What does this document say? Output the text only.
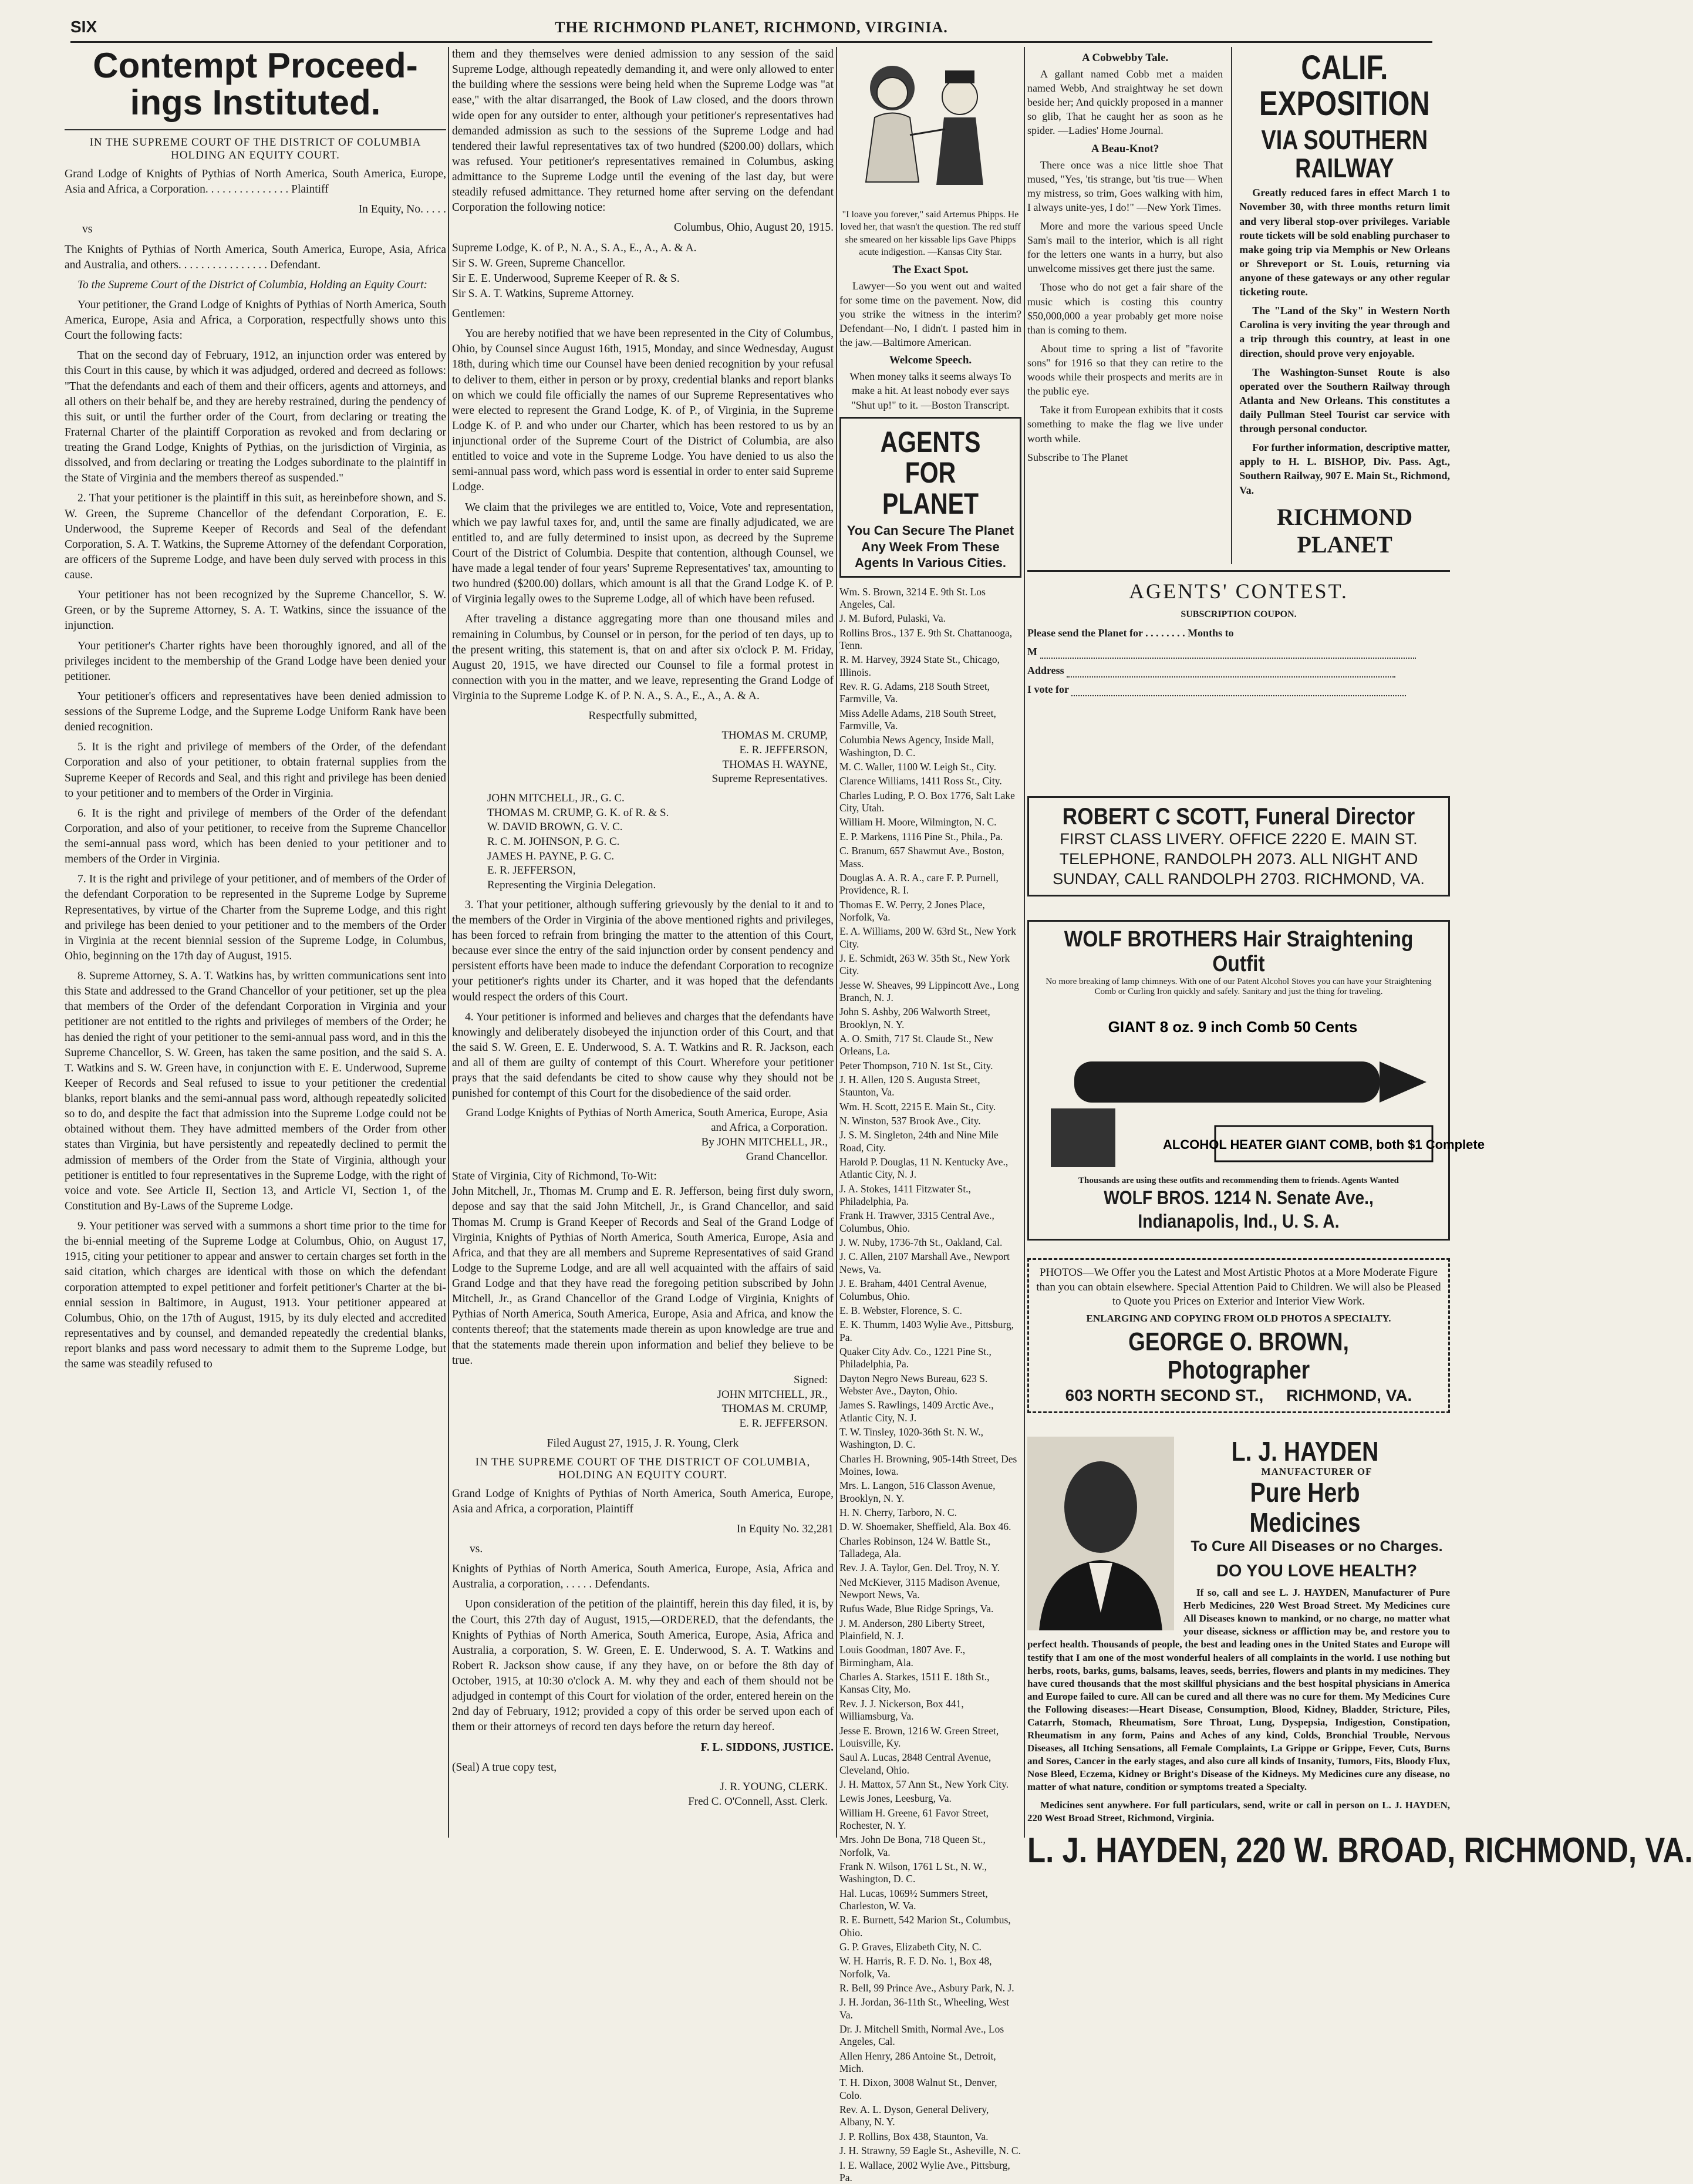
SIX	THE RICHMOND PLANET, RICHMOND, VIRGINIA.
Contempt Proceed-ings Instituted.
IN THE SUPREME COURT OF THE DISTRICT OF COLUMBIA HOLDING AN EQUITY COURT.

Grand Lodge of Knights of Pythias of North America, South America, Europe, Asia and Africa, a Corporation. . . . . . . . . . . . . . . Plaintiff

In Equity, No. . . . .

vs

The Knights of Pythias of North America, South America, Europe, Asia, Africa and Australia, and others. . . . . . . . . . . . . . . . Defendant.

To the Supreme Court of the District of Columbia, Holding an Equity Court:

Your petitioner, the Grand Lodge of Knights of Pythias of North America, South America, Europe, Asia and Africa, a Corporation, respectfully shows unto this Court the following facts:

That on the second day of February, 1912, an injunction order was entered by this Court in this cause, by which it was adjudged, ordered and decreed as follows: "That the defendants and each of them and their officers, agents and attorneys, and all others on their behalf be, and they are hereby restrained, during the pendency of this suit, or until the further order of the Court, from declaring or treating the Fraternal Charter of the plaintiff Corporation as revoked and from declaring or treating the Grand Lodge, Knights of Pythias, on the jurisdiction of Virginia, as dissolved, and from declaring or treating the Lodges subordinate to the plaintiff in the State of Virginia and the members thereof as suspended."

2. That your petitioner is the plaintiff in this suit, as hereinbefore shown, and S. W. Green, the Supreme Chancellor of the defendant Corporation, E. E. Underwood, the Supreme Keeper of Records and Seal of the defendant Corporation, S. A. T. Watkins, the Supreme Attorney of the defendant Corporation, are officers of the Supreme Lodge, and have been duly served with process in this cause.

Your petitioner has not been recognized by the Supreme Chancellor, S. W. Green, or by the Supreme Attorney, S. A. T. Watkins, since the issuance of the injunction.

Your petitioner's Charter rights have been thoroughly ignored, and all of the privileges incident to the membership of the Grand Lodge have been denied your petitioner.

Your petitioner's officers and representatives have been denied admission to sessions of the Supreme Lodge, and the Supreme Lodge Uniform Rank have been denied recognition.

5. It is the right and privilege of members of the Order, of the defendant Corporation and also of your petitioner, to obtain fraternal supplies from the Supreme Keeper of Records and Seal, and this right and privilege has been denied to your petitioner and to members of the Order in Virginia.

6. It is the right and privilege of members of the Order of the defendant Corporation, and also of your petitioner, to receive from the Supreme Chancellor the semi-annual pass word, which has been denied to your petitioner and to members of the Order in Virginia.

7. It is the right and privilege of your petitioner, and of members of the Order of the defendant Corporation to be represented in the Supreme Lodge by Supreme Representatives, by virtue of the Charter from the Supreme Lodge, and this right and privilege has been denied to your petitioner and to the members of the Order in Virginia at the recent biennial session of the Supreme Lodge, in Columbus, Ohio, beginning on the 17th day of August, 1915.

8. Supreme Attorney, S. A. T. Watkins has, by written communications sent into this State and addressed to the Grand Chancellor of your petitioner, set up the plea that members of the Order of the defendant Corporation in Virginia and your petitioner are not entitled to the rights and privileges of members of the Order; he has denied the right of your petitioner to the semi-annual pass word, and in this the Supreme Chancellor, S. W. Green, has taken the same position, and the said S. A. T. Watkins and S. W. Green have, in conjunction with E. E. Underwood, Supreme Keeper of Records and Seal refused to issue to your petitioner the credential blanks, report blanks and the semi-annual pass word, although repeatedly solicited so to do, and despite the fact that admission into the Supreme Lodge could not be obtained without them. They have admitted members of the Order from other states than Virginia, but have persistently and repeatedly declined to permit the admission of members of the Order from the State of Virginia, although your petitioner is entitled to four representatives in the Supreme Lodge, with the right of voice and vote. See Article II, Section 13, and Article VI, Section 1, of the Constitution and By-Laws of the Supreme Lodge.

9. Your petitioner was served with a summons a short time prior to the time for the bi-ennial meeting of the Supreme Lodge at Columbus, Ohio, on August 17, 1915, citing your petitioner to appear and answer to certain charges set forth in the said citation, which charges are identical with those on which the defendant corporation attempted to expel petitioner and forfeit petitioner's Charter at the bi-ennial session in Baltimore, in August, 1913. Your petitioner appeared at Columbus, Ohio, on the 17th of August, 1915, by its duly elected and accredited representatives and by counsel, and demanded repeatedly the credential blanks, report blanks and pass word necessary to admit them to the Supreme Lodge, but the same was steadily refused to

them and they themselves were denied admission to any session of the said Supreme Lodge, although repeatedly demanding it, and were only allowed to enter the building where the sessions were being held when the Supreme Lodge was "at ease," with the altar disarranged, the Book of Law closed, and the doors thrown wide open for any outsider to enter, although your petitioner's representatives had demanded admission as such to the sessions of the Supreme Lodge and had tendered their lawful representatives tax of two hundred ($200.00) dollars, which was refused. Your petitioner's representatives remained in Columbus, asking admittance to the Supreme Lodge until the evening of the last day, but were steadily refused admittance. They returned home after serving on the defendant Corporation the following notice:

Columbus, Ohio, August 20, 1915.

Supreme Lodge, K. of P., N. A., S. A., E., A., A. & A.
Sir S. W. Green, Supreme Chancellor.
Sir E. E. Underwood, Supreme Keeper of R. & S.
Sir S. A. T. Watkins, Supreme Attorney.

Gentlemen:

You are hereby notified that we have been represented in the City of Columbus, Ohio, by Counsel since August 16th, 1915, Monday, and since Wednesday, August 18th, during which time our Counsel have been denied recognition by your refusal to deliver to them, either in person or by proxy, credential blanks and report blanks on which we could file officially the names of our Supreme Representatives who were elected to represent the Grand Lodge, K. of P., of Virginia, in the Supreme Lodge K. of P. and who under our Charter, which has been restored to us by an injunctional order of the Supreme Court of the District of Columbia, are also entitled to voice and vote in the Supreme Lodge. You have denied to us also the semi-annual pass word, which pass word is essential in order to enter said Supreme Lodge.

We claim that the privileges we are entitled to, Voice, Vote and representation, which we pay lawful taxes for, and, until the same are finally adjudicated, we are entitled to, and are fully determined to insist upon, as decreed by the Supreme Court of the District of Columbia. Despite that contention, although Counsel, we have made a legal tender of four years' Supreme Representatives' tax, amounting to two hundred ($200.00) dollars, which amount is all that the Grand Lodge K. of P. of Virginia legally owes to the Supreme Lodge, all of which have been refused.

After traveling a distance aggregating more than one thousand miles and remaining in Columbus, by Counsel or in person, for the period of ten days, up to the present writing, this statement is, that on and after six o'clock P. M. Friday, August 20, 1915, we have directed our Counsel to file a formal protest in connection with you in the matter, and we leave, representing the Grand Lodge of Virginia to the Supreme Lodge K. of P. N. A., S. A., E., A., A. & A.

Respectfully submitted,

THOMAS M. CRUMP,
E. R. JEFFERSON,
THOMAS H. WAYNE,
Supreme Representatives.
JOHN MITCHELL, JR., G. C.
THOMAS M. CRUMP, G. K. of R. & S.
W. DAVID BROWN, G. V. C.
R. C. M. JOHNSON, P. G. C.
JAMES H. PAYNE, P. G. C.
E. R. JEFFERSON,
Representing the Virginia Delegation.

3. That your petitioner, although suffering grievously by the denial to it and to the members of the Order in Virginia of the above mentioned rights and privileges, has been forced to refrain from bringing the matter to the attention of this Court, because ever since the entry of the said injunction order by consent pendency and persistent efforts have been made to induce the defendant Corporation to recognize your petitioner's rights under its Charter, and it was hoped that the defendants would respect the orders of this Court.

4. Your petitioner is informed and believes and charges that the defendants have knowingly and deliberately disobeyed the injunction order of this Court, and that the said S. W. Green, E. E. Underwood, S. A. T. Watkins and R. R. Jackson, each and all of them are guilty of contempt of this Court. Wherefore your petitioner prays that the said defendants be cited to show cause why they should not be punished for contempt of this Court for the disobedience of the said order.

Grand Lodge Knights of Pythias of North America, South America, Europe, Asia and Africa, a Corporation.
By JOHN MITCHELL, JR.,
Grand Chancellor.

State of Virginia, City of Richmond, To-Wit:
John Mitchell, Jr., Thomas M. Crump and E. R. Jefferson, being first duly sworn, depose and say that the said John Mitchell, Jr., is Grand Chancellor, and said Thomas M. Crump is Grand Keeper of Records and Seal of the Grand Lodge of Virginia, Knights of Pythias of North America, South America, Europe, Asia and Africa, and that they are all members and Supreme Representatives of said Grand Lodge to the Supreme Lodge, and are all well acquainted with the affairs of said Grand Lodge and that they have read the foregoing petition subscribed by John Mitchell, Jr., as Grand Chancellor of the Grand Lodge of Virginia, Knights of Pythias of North America, South America, Europe, Asia and Africa, and know the contents thereof; that the statements made therein as upon knowledge are true and that the statements made therein upon information and belief they believe to be true.

Signed:
JOHN MITCHELL, JR.,
THOMAS M. CRUMP,
E. R. JEFFERSON.

Filed August 27, 1915, J. R. Young, Clerk

IN THE SUPREME COURT OF THE DISTRICT OF COLUMBIA, HOLDING AN EQUITY COURT.

Grand Lodge of Knights of Pythias of North America, South America, Europe, Asia and Africa, a corporation, Plaintiff

In Equity No. 32,281

vs.

Knights of Pythias of North America, South America, Europe, Asia, Africa and Australia, a corporation, . . . . . Defendants.

Upon consideration of the petition of the plaintiff, herein this day filed, it is, by the Court, this 27th day of August, 1915,—ORDERED, that the defendants, the Knights of Pythias of North America, South America, Europe, Asia, Africa and Australia, a corporation, S. W. Green, E. E. Underwood, S. A. T. Watkins and Robert R. Jackson show cause, if any they have, on or before the 8th day of October, 1915, at 10:30 o'clock A. M. why they and each of them should not be adjudged in contempt of this Court for violation of the order, entered herein on the 2nd day of February, 1912; provided a copy of this order be served upon each of them or their attorneys of record ten days before the return day hereof.

F. L. SIDDONS, JUSTICE.

(Seal) A true copy test,

J. R. YOUNG, CLERK.
Fred C. O'Connell, Asst. Clerk.

"I loave you forever," said Artemus Phipps. He loved her, that wasn't the question. The red stuff she smeared on her kissable lips Gave Phipps acute indigestion. —Kansas City Star.

The Exact Spot.

Lawyer—So you went out and waited for some time on the pavement. Now, did you strike the witness in the interim? Defendant—No, I didn't. I pasted him in the jaw.—Baltimore American.

Welcome Speech.

When money talks it seems always To make a hit. At least nobody ever says "Shut up!" to it. —Boston Transcript.

AGENTS FOR PLANET
You Can Secure The Planet Any Week From These Agents In Various Cities.
Wm. S. Brown, 3214 E. 9th St. Los Angeles, Cal.
J. M. Buford, Pulaski, Va.
Rollins Bros., 137 E. 9th St. Chattanooga, Tenn.
R. M. Harvey, 3924 State St., Chicago, Illinois.
Rev. R. G. Adams, 218 South Street, Farmville, Va.
Miss Adelle Adams, 218 South Street, Farmville, Va.
Columbia News Agency, Inside Mall, Washington, D. C.
M. C. Waller, 1100 W. Leigh St., City.
Clarence Williams, 1411 Ross St., City.
Charles Luding, P. O. Box 1776, Salt Lake City, Utah.
William H. Moore, Wilmington, N. C.
E. P. Markens, 1116 Pine St., Phila., Pa.
C. Branum, 657 Shawmut Ave., Boston, Mass.
Douglas A. A. R. A., care F. P. Purnell, Providence, R. I.
Thomas E. W. Perry, 2 Jones Place, Norfolk, Va.
E. A. Williams, 200 W. 63rd St., New York City.
J. E. Schmidt, 263 W. 35th St., New York City.
Jesse W. Sheaves, 99 Lippincott Ave., Long Branch, N. J.
John S. Ashby, 206 Walworth Street, Brooklyn, N. Y.
A. O. Smith, 717 St. Claude St., New Orleans, La.
Peter Thompson, 710 N. 1st St., City.
J. H. Allen, 120 S. Augusta Street, Staunton, Va.
Wm. H. Scott, 2215 E. Main St., City.
N. Winston, 537 Brook Ave., City.
J. S. M. Singleton, 24th and Nine Mile Road, City.
Harold P. Douglas, 11 N. Kentucky Ave., Atlantic City, N. J.
J. A. Stokes, 1411 Fitzwater St., Philadelphia, Pa.
Frank H. Trawver, 3315 Central Ave., Columbus, Ohio.
J. W. Nuby, 1736-7th St., Oakland, Cal.
J. C. Allen, 2107 Marshall Ave., Newport News, Va.
J. E. Braham, 4401 Central Avenue, Columbus, Ohio.
E. B. Webster, Florence, S. C.
E. K. Thumm, 1403 Wylie Ave., Pittsburg, Pa.
Quaker City Adv. Co., 1221 Pine St., Philadelphia, Pa.
Dayton Negro News Bureau, 623 S. Webster Ave., Dayton, Ohio.
James S. Rawlings, 1409 Arctic Ave., Atlantic City, N. J.
T. W. Tinsley, 1020-36th St. N. W., Washington, D. C.
Charles H. Browning, 905-14th Street, Des Moines, Iowa.
Mrs. L. Langon, 516 Classon Avenue, Brooklyn, N. Y.
H. N. Cherry, Tarboro, N. C.
D. W. Shoemaker, Sheffield, Ala. Box 46.
Charles Robinson, 124 W. Battle St., Talladega, Ala.
Rev. J. A. Taylor, Gen. Del. Troy, N. Y.
Ned McKiever, 3115 Madison Avenue, Newport News, Va.
Rufus Wade, Blue Ridge Springs, Va.
J. M. Anderson, 280 Liberty Street, Plainfield, N. J.
Louis Goodman, 1807 Ave. F., Birmingham, Ala.
Charles A. Starkes, 1511 E. 18th St., Kansas City, Mo.
Rev. J. J. Nickerson, Box 441, Williamsburg, Va.
Jesse E. Brown, 1216 W. Green Street, Louisville, Ky.
Saul A. Lucas, 2848 Central Avenue, Cleveland, Ohio.
J. H. Mattox, 57 Ann St., New York City.
Lewis Jones, Leesburg, Va.
William H. Greene, 61 Favor Street, Rochester, N. Y.
Mrs. John De Bona, 718 Queen St., Norfolk, Va.
Frank N. Wilson, 1761 L St., N. W., Washington, D. C.
Hal. Lucas, 1069½ Summers Street, Charleston, W. Va.
R. E. Burnett, 542 Marion St., Columbus, Ohio.
G. P. Graves, Elizabeth City, N. C.
W. H. Harris, R. F. D. No. 1, Box 48, Norfolk, Va.
R. Bell, 99 Prince Ave., Asbury Park, N. J.
J. H. Jordan, 36-11th St., Wheeling, West Va.
Dr. J. Mitchell Smith, Normal Ave., Los Angeles, Cal.
Allen Henry, 286 Antoine St., Detroit, Mich.
T. H. Dixon, 3008 Walnut St., Denver, Colo.
Rev. A. L. Dyson, General Delivery, Albany, N. Y.
J. P. Rollins, Box 438, Staunton, Va.
J. H. Strawny, 59 Eagle St., Asheville, N. C.
I. E. Wallace, 2002 Wylie Ave., Pittsburg, Pa.
A Cobwebby Tale.

A gallant named Cobb met a maiden named Webb, And straightway he set down beside her; And quickly proposed in a manner so glib, That he caught her as soon as he spider. —Ladies' Home Journal.

A Beau-Knot?

There once was a nice little shoe That mused, "Yes, 'tis strange, but 'tis true— When my mistress, so trim, Goes walking with him, I always unite-yes, I do!" —New York Times.

More and more the various speed Uncle Sam's mail to the interior, which is all right for the letters one wants in a hurry, but also unwelcome missives get there just the same.

Those who do not get a fair share of the music which is costing this country $50,000,000 a year probably get more noise than is coming to them.

About time to spring a list of "favorite sons" for 1916 so that they can retire to the woods while their prospects and merits are in the public eye.

Take it from European exhibits that it costs something to make the flag we live under worth while.

Subscribe to The Planet

CALIF. EXPOSITION
VIA SOUTHERN RAILWAY

Greatly reduced fares in effect March 1 to November 30, with three months return limit and very liberal stop-over privileges. Variable route tickets will be sold enabling purchaser to make going trip via Memphis or New Orleans or Shreveport or St. Louis, returning via anyone of these gateways or any other regular ticketing route.

The "Land of the Sky" in Western North Carolina is very inviting the year through and a trip through this country, at least in one direction, should prove very enjoyable.

The Washington-Sunset Route is also operated over the Southern Railway through Atlanta and New Orleans. This constitutes a daily Pullman Steel Tourist car service with through personal conductor.

For further information, descriptive matter, apply to H. L. BISHOP, Div. Pass. Agt., Southern Railway, 907 E. Main St., Richmond, Va.

RICHMOND PLANET
AGENTS' CONTEST.
SUBSCRIPTION COUPON.

Please send the Planet for . . . . . . . . Months to

M

Address

I vote for

ROBERT C SCOTT, Funeral Director
FIRST CLASS LIVERY. OFFICE 2220 E. MAIN ST. TELEPHONE, RANDOLPH 2073. ALL NIGHT AND SUNDAY, CALL RANDOLPH 2703. RICHMOND, VA.
WOLF BROTHERS Hair Straightening Outfit
No more breaking of lamp chimneys. With one of our Patent Alcohol Stoves you can have your Straightening Comb or Curling Iron quickly and safely. Sanitary and just the thing for traveling.
GIANT 8 oz. 9 inch Comb 50 Cents
ALCOHOL HEATER GIANT COMB, both $1 Complete
Thousands are using these outfits and recommending them to friends. Agents Wanted
WOLF BROS. 1214 N. Senate Ave., Indianapolis, Ind., U. S. A.
PHOTOS—We Offer you the Latest and Most Artistic Photos at a More Moderate Figure than you can obtain elsewhere. Special Attention Paid to Children. We will also be Pleased to Quote you Prices on Exterior and Interior View Work.
ENLARGING AND COPYING FROM OLD PHOTOS A SPECIALTY.
GEORGE O. BROWN, Photographer
603 NORTH SECOND ST.,     RICHMOND, VA.
L. J. HAYDEN
MANUFACTURER OF
Pure Herb Medicines
To Cure All Diseases or no Charges.
DO YOU LOVE HEALTH?

If so, call and see L. J. HAYDEN, Manufacturer of Pure Herb Medicines, 220 West Broad Street. My Medicines cure All Diseases known to mankind, or no charge, no matter what your disease, sickness or affliction may be, and restore you to perfect health. Thousands of people, the best and leading ones in the United States and Europe will testify that I am one of the most wonderful healers of all complaints in the world. I use nothing but herbs, roots, barks, gums, balsams, leaves, seeds, berries, flowers and plants in my medicines. They have cured thousands that the most skillful physicians and the best hospital physicians in America and Europe failed to cure. All can be cured and all there was no cure for them. My Medicines Cure the Following diseases:—Heart Disease, Consumption, Blood, Kidney, Bladder, Stricture, Piles, Catarrh, Stomach, Rheumatism, Sore Throat, Lung, Dyspepsia, Indigestion, Constipation, Rheumatism in any form, Pains and Aches of any kind, Colds, Bronchial Trouble, Nervous Diseases, all Itching Sensations, all Female Complaints, La Grippe or Grippe, Fever, Cuts, Burns and Sores, Cancer in the early stages, and also cure all kinds of Insanity, Tumors, Fits, Bloody Flux, Nose Bleed, Eczema, Kidney or Bright's Disease of the Kidneys. My Medicines cure any disease, no matter of what nature, condition or symptoms treated a Specialty.

Medicines sent anywhere. For full particulars, send, write or call in person on L. J. HAYDEN, 220 West Broad Street, Richmond, Virginia.

L. J. HAYDEN, 220 W. BROAD, RICHMOND, VA.
